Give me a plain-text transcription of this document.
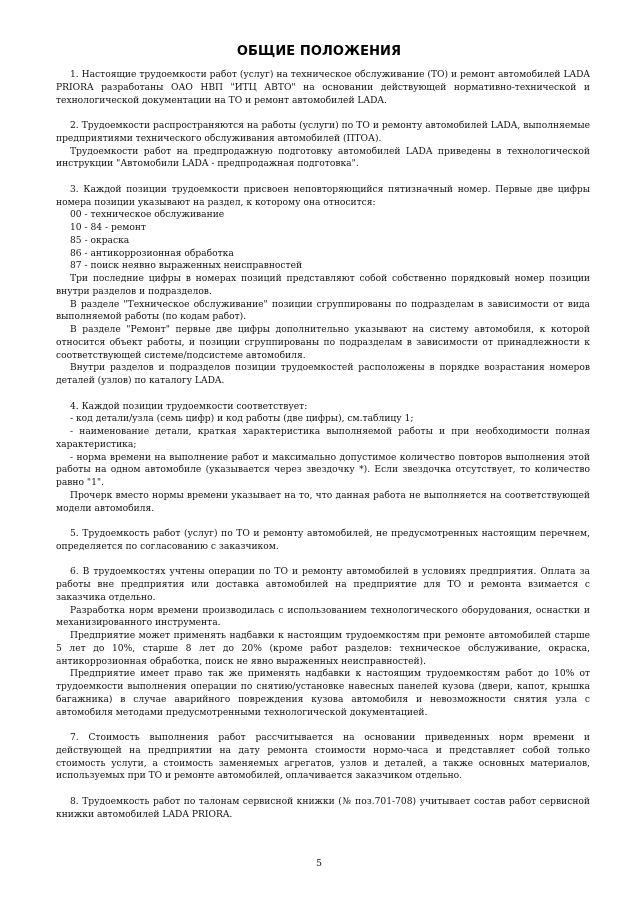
ОБЩИЕ ПОЛОЖЕНИЯ

1. Настоящие трудоемкости работ (услуг) на техническое обслуживание (ТО) и ремонт автомобилей LADA PRIORA разработаны ОАО НВП "ИТЦ АВТО" на основании действующей нормативно-технической и технологической документации на ТО и ремонт автомобилей LADA.

2. Трудоемкости распространяются на работы (услуги) по ТО и ремонту автомобилей LADA, выполняемые предприятиями технического обслуживания автомобилей (ПТОА).

Трудоемкости работ на предпродажную подготовку автомобилей LADA приведены в технологической инструкции "Автомобили LADA - предпродажная подготовка".

3. Каждой позиции трудоемкости присвоен неповторяющийся пятизначный номер. Первые две цифры номера позиции указывают на раздел, к которому она относится:

00 - техническое обслуживание

10 - 84 - ремонт

85 - окраска

86 - антикоррозионная обработка

87 - поиск неявно выраженных неисправностей

Три последние цифры в номерах позиций представляют собой собственно порядковый номер позиции внутри разделов и подразделов.

В разделе "Техническое обслуживание" позиции сгруппированы по подразделам в зависимости от вида выполняемой работы (по кодам работ).

В разделе "Ремонт" первые две цифры дополнительно указывают на систему автомобиля, к которой относится объект работы, и позиции сгруппированы по подразделам в зависимости от принадлежности к соответствующей системе/подсистеме автомобиля.

Внутри разделов и подразделов позиции трудоемкостей расположены в порядке возрастания номеров деталей (узлов) по каталогу LADA.

4. Каждой позиции трудоемкости соответствует:

- код детали/узла (семь цифр) и код работы (две цифры), см.таблицу 1;

- наименование детали, краткая характеристика выполняемой работы и при необходимости полная характеристика;

- норма времени на выполнение работ и максимально допустимое количество повторов выполнения этой работы на одном автомобиле (указывается через звездочку *). Если звездочка отсутствует, то количество равно "1".

Прочерк вместо нормы времени указывает на то, что данная работа не выполняется на соответствующей модели автомобиля.

5. Трудоемкость работ (услуг) по ТО и ремонту автомобилей, не предусмотренных настоящим перечнем, определяется по согласованию с заказчиком.

6. В трудоемкостях учтены операции по ТО и ремонту автомобилей в условиях предприятия. Оплата за работы вне предприятия или доставка автомобилей на предприятие для ТО и ремонта взимается с заказчика отдельно.

Разработка норм времени производилась с использованием технологического оборудования, оснастки и механизированного инструмента.

Предприятие может применять надбавки к настоящим трудоемкостям при ремонте автомобилей старше 5 лет до 10%, старше 8 лет до 20% (кроме работ разделов: техническое обслуживание, окраска, антикоррозионная обработка, поиск не явно выраженных неисправностей).

Предприятие имеет право так же применять надбавки к настоящим трудоемкостям работ до 10% от трудоемкости выполнения операции по снятию/установке навесных панелей кузова (двери, капот, крышка багажника) в случае аварийного повреждения кузова автомобиля и невозможности снятия узла с автомобиля методами предусмотренными технологической документацией.

7. Стоимость выполнения работ рассчитывается на основании приведенных норм времени и действующей на предприятии на дату ремонта стоимости нормо-часа и представляет собой только стоимость услуги, а стоимость заменяемых агрегатов, узлов и деталей, а также основных материалов, используемых при ТО и ремонте автомобилей, оплачивается заказчиком отдельно.

8. Трудоемкость работ по талонам сервисной книжки (№ поз.701-708) учитывает состав работ сервисной книжки автомобилей LADA PRIORA.

5
